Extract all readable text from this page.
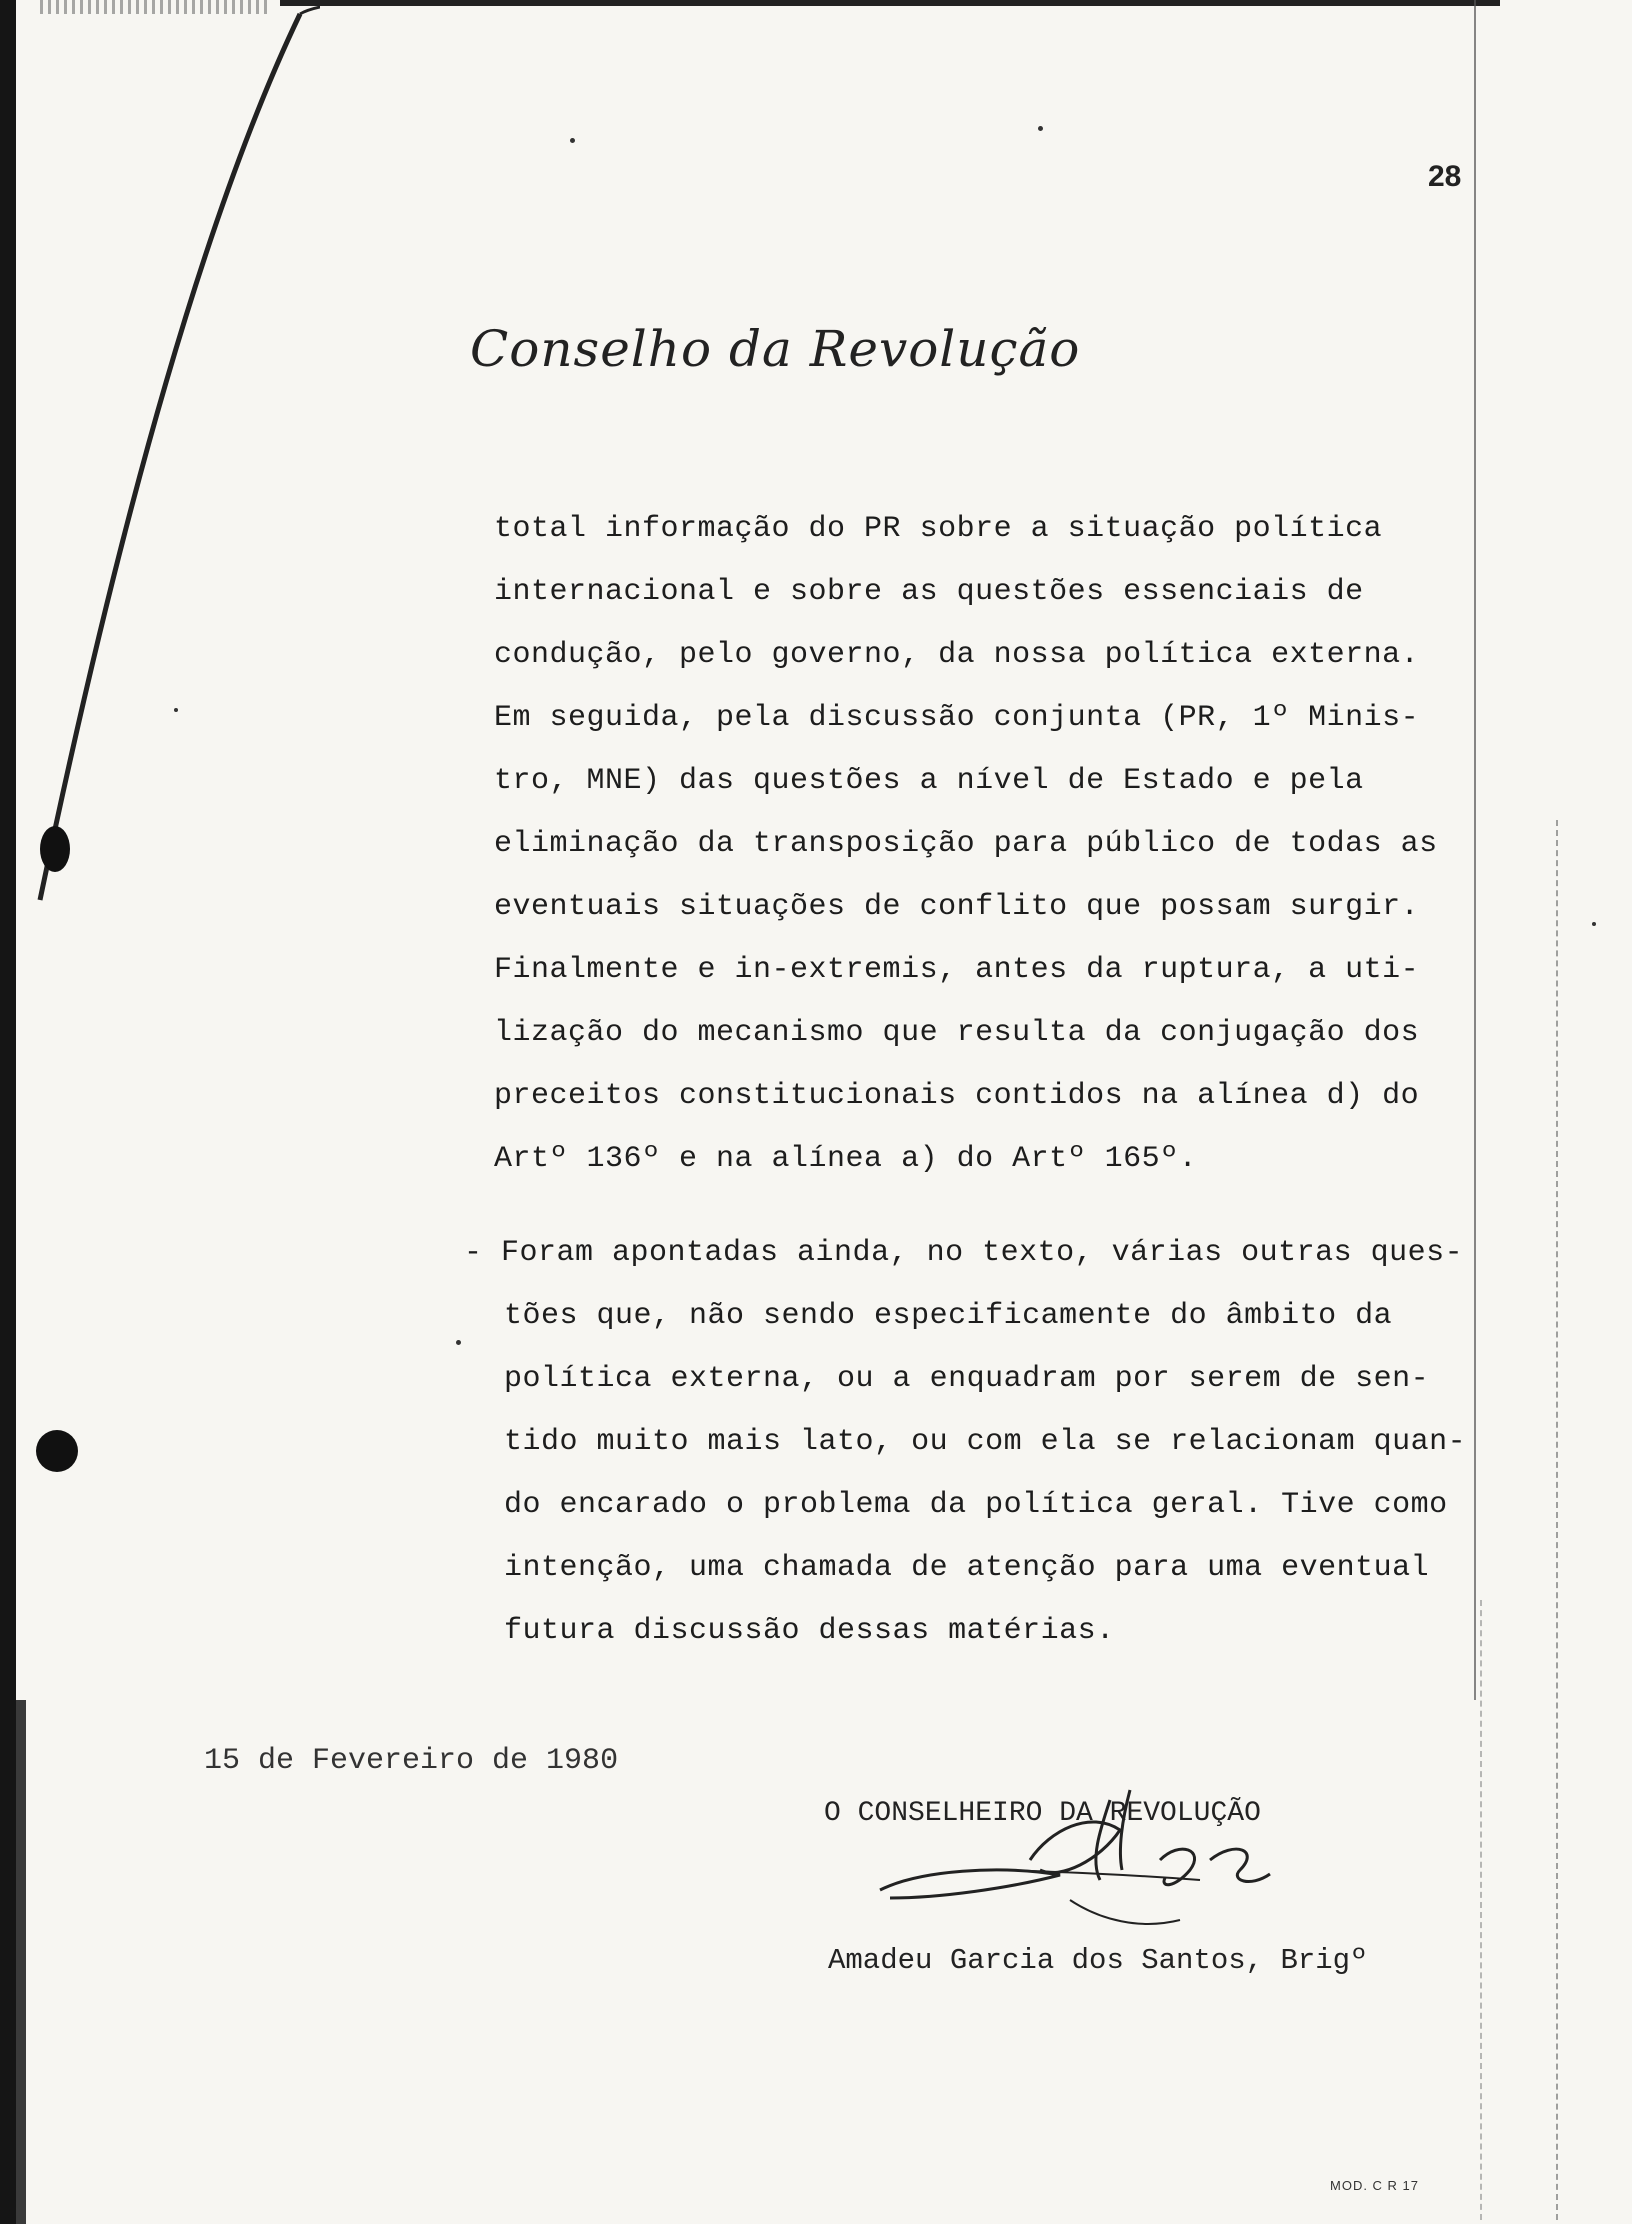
28
Conselho da Revolução
total informação do PR sobre a situação política
internacional e sobre as questões essenciais de
condução, pelo governo, da nossa política externa.
Em seguida, pela discussão conjunta (PR, 1º Minis-
tro, MNE) das questões a nível de Estado e pela
eliminação da transposição para público de todas as
eventuais situações de conflito que possam surgir.
Finalmente e in-extremis, antes da ruptura, a uti-
lização do mecanismo que resulta da conjugação dos
preceitos constitucionais contidos na alínea d) do
Artº 136º e na alínea a) do Artº 165º.
- Foram apontadas ainda, no texto, várias outras ques-
tões que, não sendo especificamente do âmbito da
política externa, ou a enquadram por serem de sen-
tido muito mais lato, ou com ela se relacionam quan-
do encarado o problema da política geral. Tive como
intenção, uma chamada de atenção para uma eventual
futura discussão dessas matérias.
15 de Fevereiro de 1980
O CONSELHEIRO DA REVOLUÇÃO
Amadeu Garcia dos Santos, Brigº
MOD. C R 17
